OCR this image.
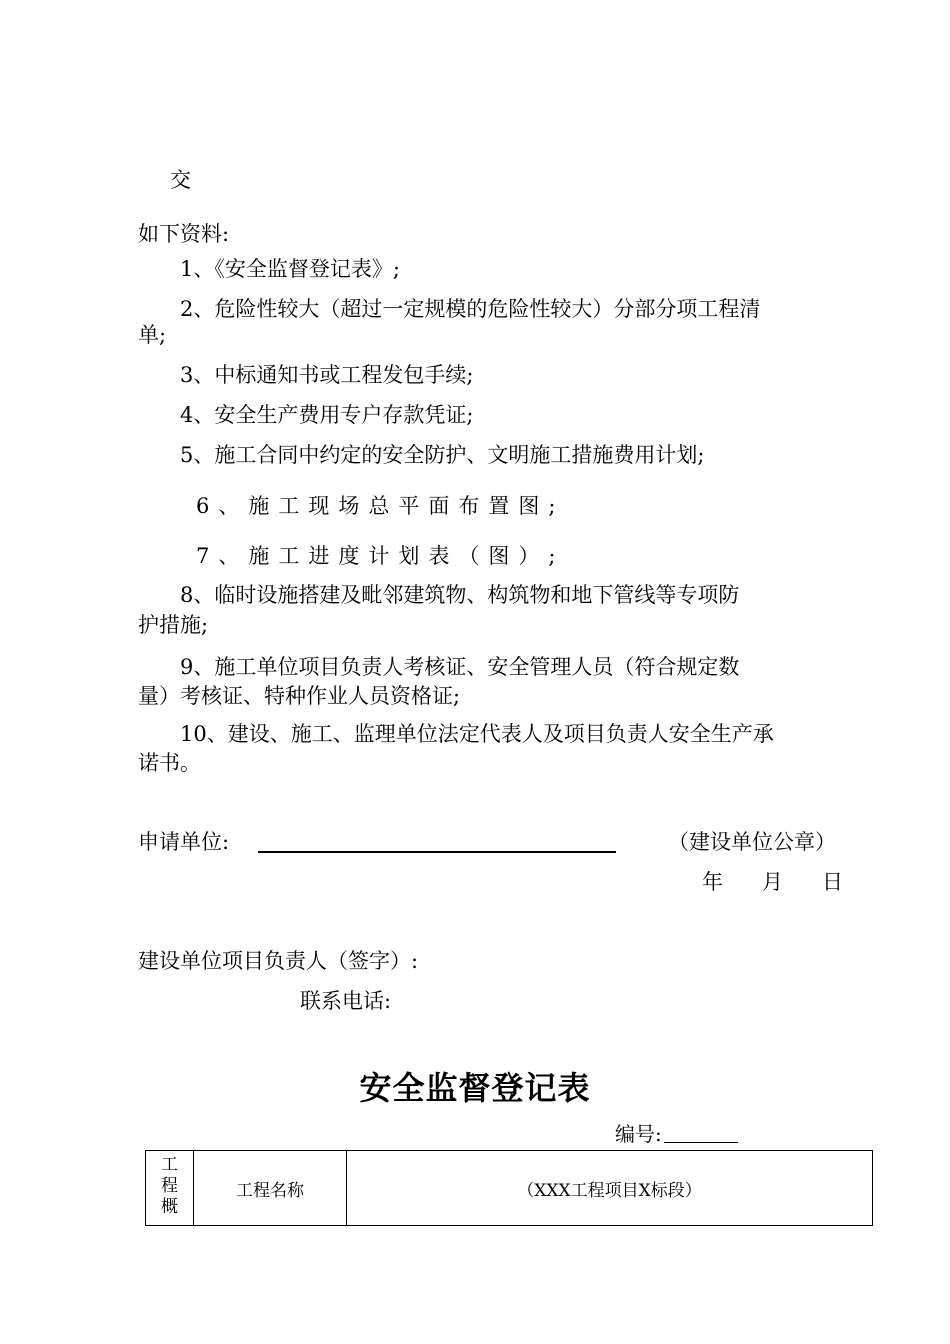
交
如下资料:
1、《安全监督登记表》;
2、危险性较大（超过一定规模的危险性较大）分部分项工程清
单;
3、中标通知书或工程发包手续;
4、安全生产费用专户存款凭证;
5、施工合同中约定的安全防护、文明施工措施费用计划;
6、施工现场总平面布置图;
7、施工进度计划表（图）;
8、临时设施搭建及毗邻建筑物、构筑物和地下管线等专项防
护措施;
9、施工单位项目负责人考核证、安全管理人员（符合规定数
量）考核证、特种作业人员资格证;
10、建设、施工、监理单位法定代表人及项目负责人安全生产承
诺书。
申请单位:	（建设单位公章）
年 月 日
建设单位项目负责人（签字）:
联系电话:
安全监督登记表
编号:
工
程
概
	工程名称	（XXX工程项目X标段）
